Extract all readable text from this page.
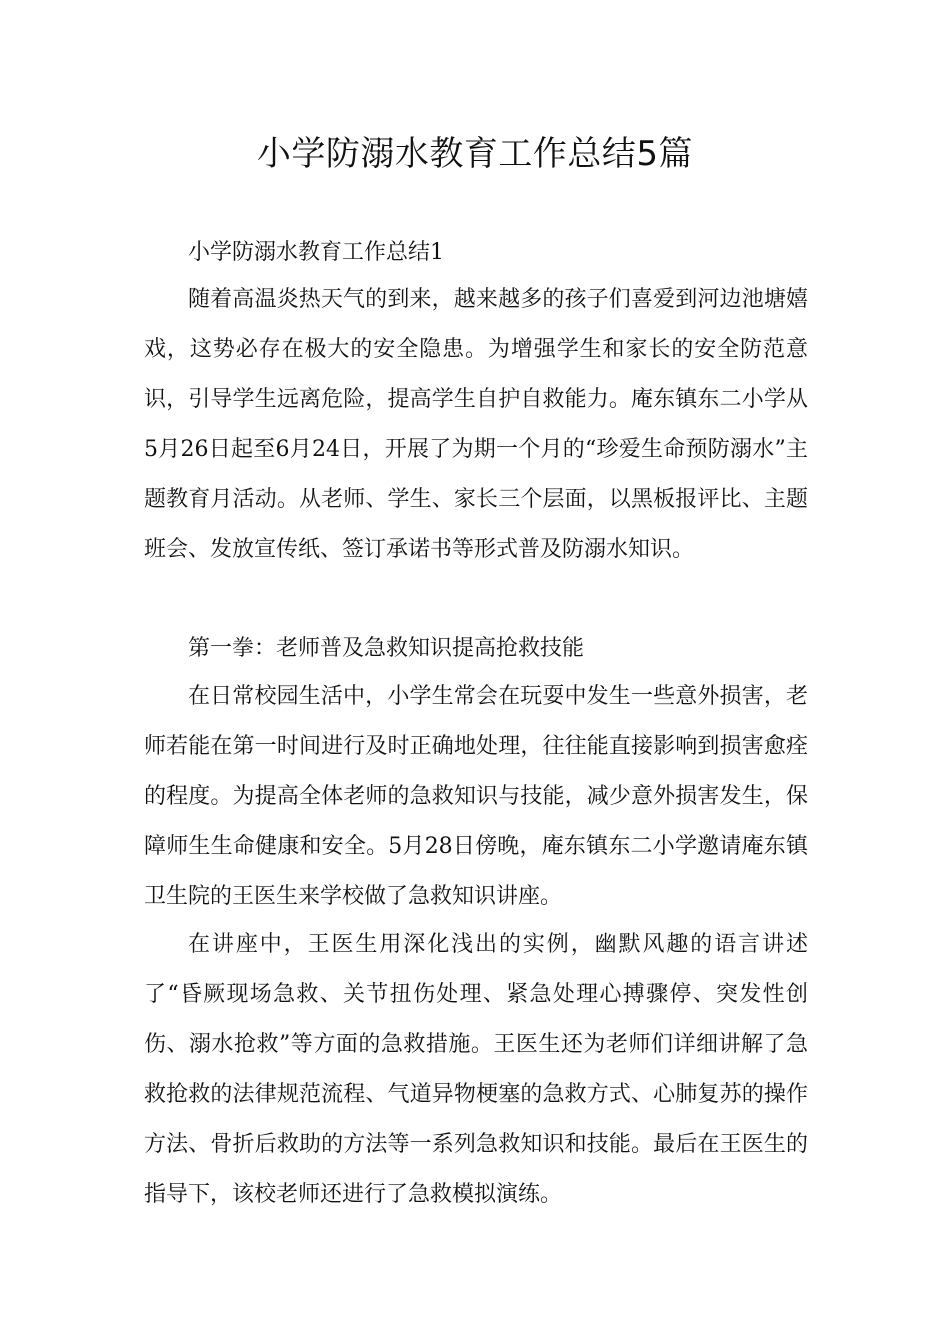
小学防溺水教育工作总结5篇

小学防溺水教育工作总结1

随着高温炎热天气的到来，越来越多的孩子们喜爱到河边池塘嬉戏，这势必存在极大的安全隐患。为增强学生和家长的安全防范意识，引导学生远离危险，提高学生自护自救能力。庵东镇东二小学从5月26日起至6月24日，开展了为期一个月的“珍爱生命预防溺水”主题教育月活动。从老师、学生、家长三个层面，以黑板报评比、主题班会、发放宣传纸、签订承诺书等形式普及防溺水知识。

第一拳：老师普及急救知识提高抢救技能

在日常校园生活中，小学生常会在玩耍中发生一些意外损害，老师若能在第一时间进行及时正确地处理，往往能直接影响到损害愈痊的程度。为提高全体老师的急救知识与技能，减少意外损害发生，保障师生生命健康和安全。5月28日傍晚，庵东镇东二小学邀请庵东镇卫生院的王医生来学校做了急救知识讲座。

在讲座中，王医生用深化浅出的实例，幽默风趣的语言讲述了“昏厥现场急救、关节扭伤处理、紧急处理心搏骤停、突发性创伤、溺水抢救”等方面的急救措施。王医生还为老师们详细讲解了急救抢救的法律规范流程、气道异物梗塞的急救方式、心肺复苏的操作方法、骨折后救助的方法等一系列急救知识和技能。最后在王医生的指导下，该校老师还进行了急救模拟演练。
